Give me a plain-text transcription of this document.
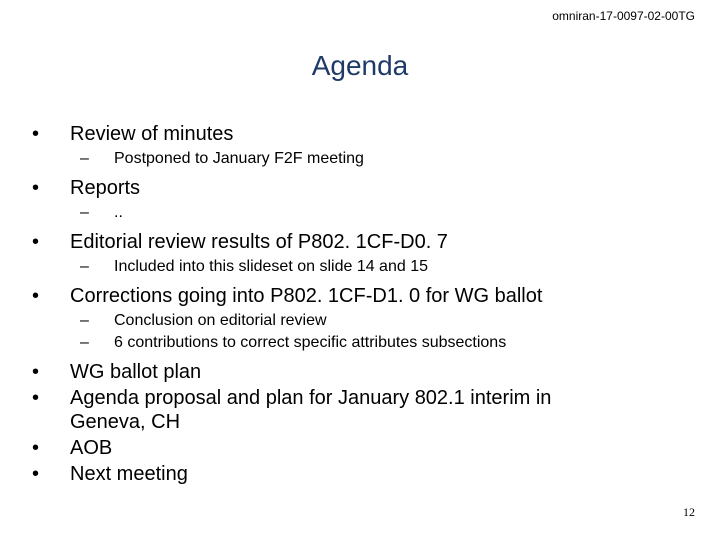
omniran-17-0097-02-00TG
Agenda
•	Review of minutes
– Postponed to January F2F meeting
•	Reports
– ..
•	Editorial review results of P802. 1CF-D0. 7
– Included into this slideset on slide 14 and 15
•	Corrections going into P802. 1CF-D1. 0 for WG ballot
– Conclusion on editorial review
– 6 contributions to correct specific attributes subsections
•	WG ballot plan
•	Agenda proposal and plan for January 802.1 interim in Geneva, CH
•	AOB
•	Next meeting
12
